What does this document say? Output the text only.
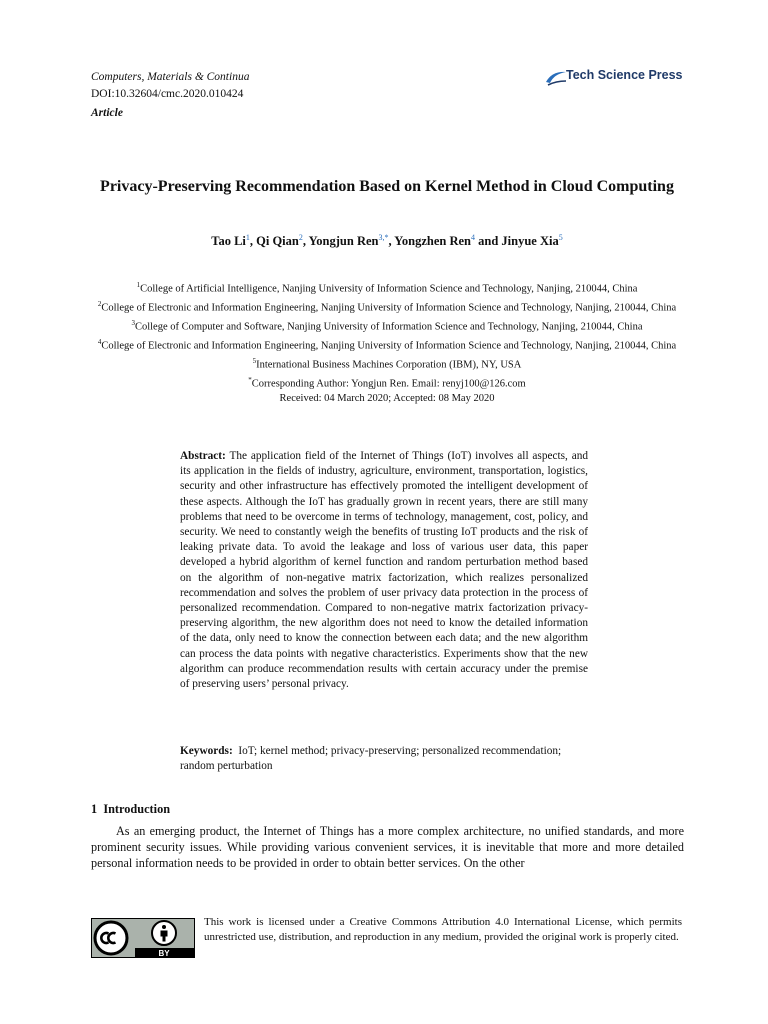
Computers, Materials & Continua
DOI:10.32604/cmc.2020.010424
Article
Tech Science Press
Privacy-Preserving Recommendation Based on Kernel Method in Cloud Computing
Tao Li$^1$, Qi Qian$^2$, Yongjun Ren$^{3,*}$, Yongzhen Ren$^4$ and Jinyue Xia$^5$
$^1$College of Artificial Intelligence, Nanjing University of Information Science and Technology, Nanjing, 210044, China
$^2$College of Electronic and Information Engineering, Nanjing University of Information Science and Technology, Nanjing, 210044, China
$^3$College of Computer and Software, Nanjing University of Information Science and Technology, Nanjing, 210044, China
$^4$College of Electronic and Information Engineering, Nanjing University of Information Science and Technology, Nanjing, 210044, China
$^5$International Business Machines Corporation (IBM), NY, USA
*Corresponding Author: Yongjun Ren. Email: renyj100@126.com
Received: 04 March 2020; Accepted: 08 May 2020
Abstract: The application field of the Internet of Things (IoT) involves all aspects, and its application in the fields of industry, agriculture, environment, transportation, logistics, security and other infrastructure has effectively promoted the intelligent development of these aspects. Although the IoT has gradually grown in recent years, there are still many problems that need to be overcome in terms of technology, management, cost, policy, and security. We need to constantly weigh the benefits of trusting IoT products and the risk of leaking private data. To avoid the leakage and loss of various user data, this paper developed a hybrid algorithm of kernel function and random perturbation method based on the algorithm of non-negative matrix factorization, which realizes personalized recommendation and solves the problem of user privacy data protection in the process of personalized recommendation. Compared to non-negative matrix factorization privacy-preserving algorithm, the new algorithm does not need to know the detailed information of the data, only need to know the connection between each data; and the new algorithm can process the data points with negative characteristics. Experiments show that the new algorithm can produce recommendation results with certain accuracy under the premise of preserving users’ personal privacy.
Keywords: IoT; kernel method; privacy-preserving; personalized recommendation; random perturbation
1 Introduction
As an emerging product, the Internet of Things has a more complex architecture, no unified standards, and more prominent security issues. While providing various convenient services, it is inevitable that more and more detailed personal information needs to be provided in order to obtain better services. On the other
BY
This work is licensed under a Creative Commons Attribution 4.0 International License, which permits unrestricted use, distribution, and reproduction in any medium, provided the original work is properly cited.
